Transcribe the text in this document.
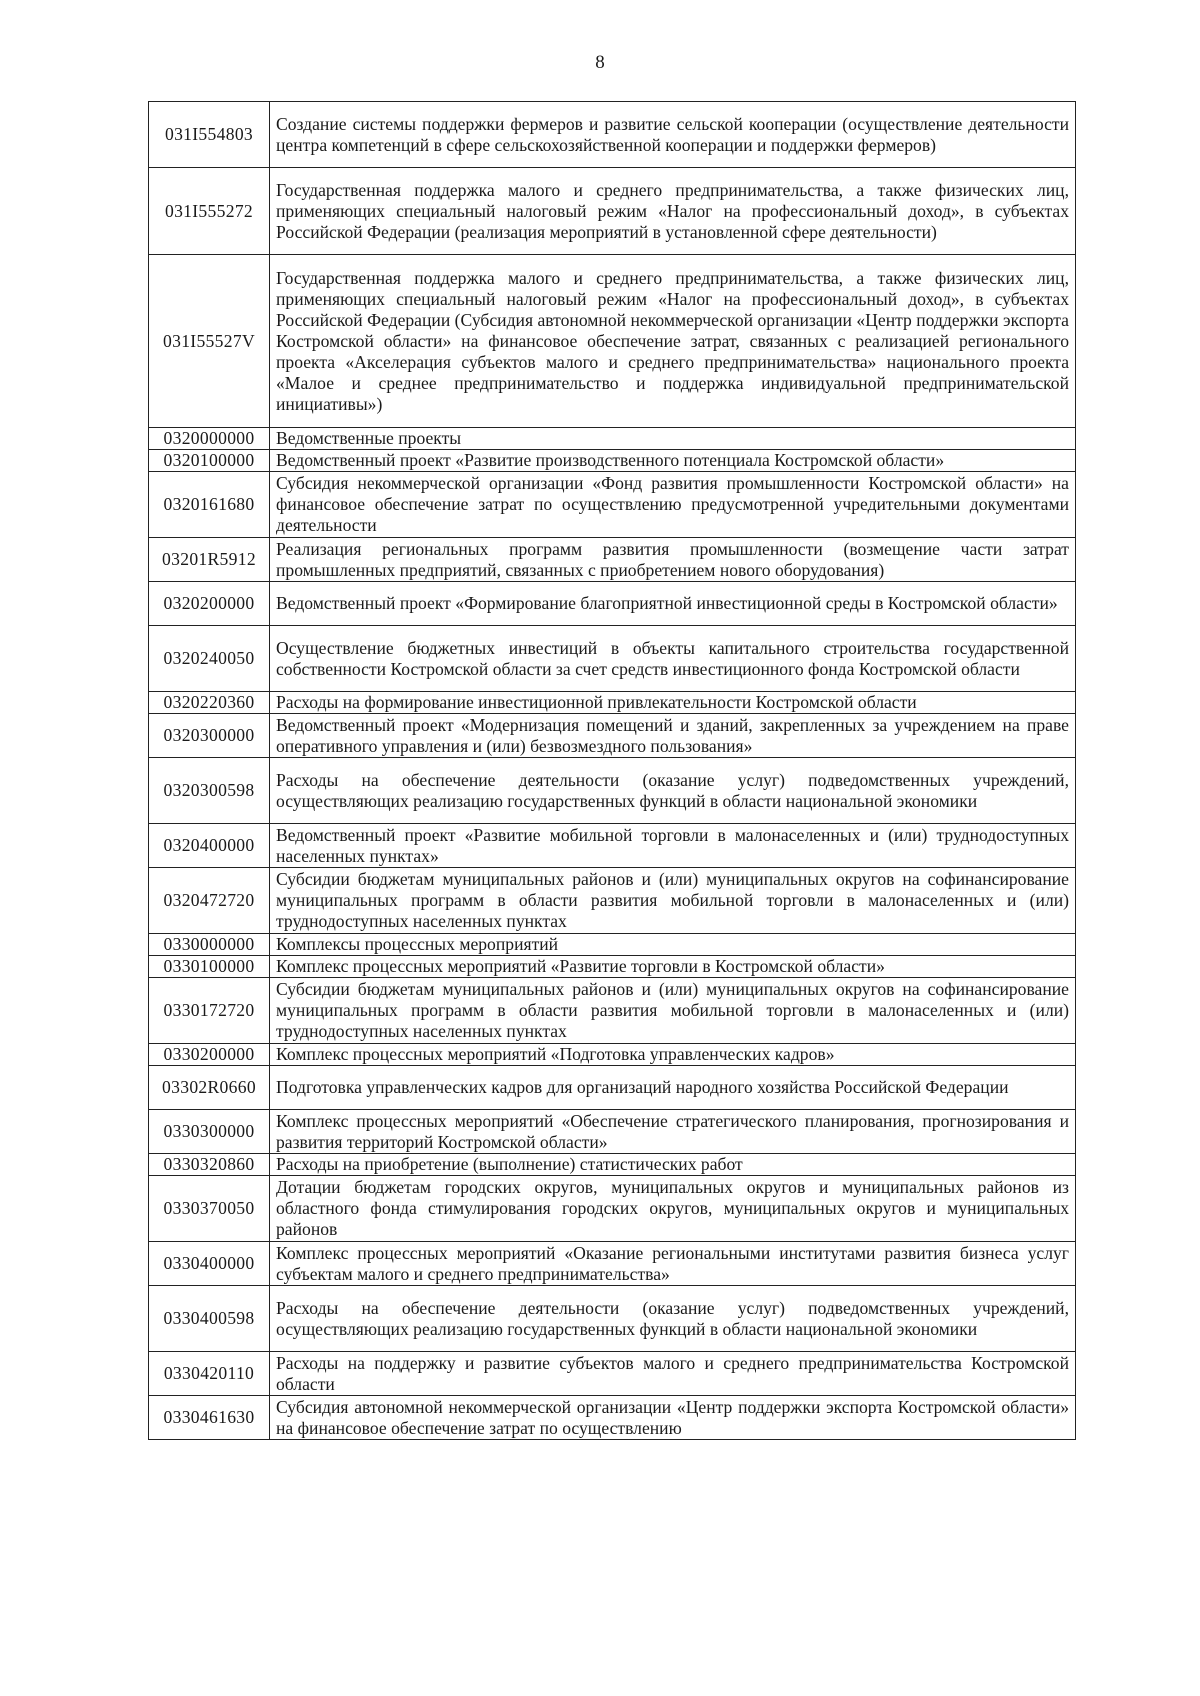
8
031I554803	Создание системы поддержки фермеров и развитие сельской кооперации (осуществление деятельности центра компетенций в сфере сельскохозяйственной кооперации и поддержки фермеров)
031I555272	Государственная поддержка малого и среднего предпринимательства, а также физических лиц, применяющих специальный налоговый режим «Налог на профессиональный доход», в субъектах Российской Федерации (реализация мероприятий в установленной сфере деятельности)
031I55527V	Государственная поддержка малого и среднего предпринимательства, а также физических лиц, применяющих специальный налоговый режим «Налог на профессиональный доход», в субъектах Российской Федерации (Субсидия автономной некоммерческой организации «Центр поддержки экспорта Костромской области» на финансовое обеспечение затрат, связанных с реализацией регионального проекта «Акселерация субъектов малого и среднего предпринимательства» национального проекта «Малое и среднее предпринимательство и поддержка индивидуальной предпринимательской инициативы»)
0320000000	Ведомственные проекты
0320100000	Ведомственный проект «Развитие производственного потенциала Костромской области»
0320161680	Субсидия некоммерческой организации «Фонд развития промышленности Костромской области» на финансовое обеспечение затрат по осуществлению предусмотренной учредительными документами деятельности
03201R5912	Реализация региональных программ развития промышленности (возмещение части затрат промышленных предприятий, связанных с приобретением нового оборудования)
0320200000	Ведомственный проект «Формирование благоприятной инвестиционной среды в Костромской области»
0320240050	Осуществление бюджетных инвестиций в объекты капитального строительства государственной собственности Костромской области за счет средств инвестиционного фонда Костромской области
0320220360	Расходы на формирование инвестиционной привлекательности Костромской области
0320300000	Ведомственный проект «Модернизация помещений и зданий, закрепленных за учреждением на праве оперативного управления и (или) безвозмездного пользования»
0320300598	Расходы на обеспечение деятельности (оказание услуг) подведомственных учреждений, осуществляющих реализацию государственных функций в области национальной экономики
0320400000	Ведомственный проект «Развитие мобильной торговли в малонаселенных и (или) труднодоступных населенных пунктах»
0320472720	Субсидии бюджетам муниципальных районов и (или) муниципальных округов на софинансирование муниципальных программ в области развития мобильной торговли в малонаселенных и (или) труднодоступных населенных пунктах
0330000000	Комплексы процессных мероприятий
0330100000	Комплекс процессных мероприятий «Развитие торговли в Костромской области»
0330172720	Субсидии бюджетам муниципальных районов и (или) муниципальных округов на софинансирование муниципальных программ в области развития мобильной торговли в малонаселенных и (или) труднодоступных населенных пунктах
0330200000	Комплекс процессных мероприятий «Подготовка управленческих кадров»
03302R0660	Подготовка управленческих кадров для организаций народного хозяйства Российской Федерации
0330300000	Комплекс процессных мероприятий «Обеспечение стратегического планирования, прогнозирования и развития территорий Костромской области»
0330320860	Расходы на приобретение (выполнение) статистических работ
0330370050	Дотации бюджетам городских округов, муниципальных округов и муниципальных районов из областного фонда стимулирования городских округов, муниципальных округов и муниципальных районов
0330400000	Комплекс процессных мероприятий «Оказание региональными институтами развития бизнеса услуг субъектам малого и среднего предпринимательства»
0330400598	Расходы на обеспечение деятельности (оказание услуг) подведомственных учреждений, осуществляющих реализацию государственных функций в области национальной экономики
0330420110	Расходы на поддержку и развитие субъектов малого и среднего предпринимательства Костромской области
0330461630	Субсидия автономной некоммерческой организации «Центр поддержки экспорта Костромской области» на финансовое обеспечение затрат по осуществлению
